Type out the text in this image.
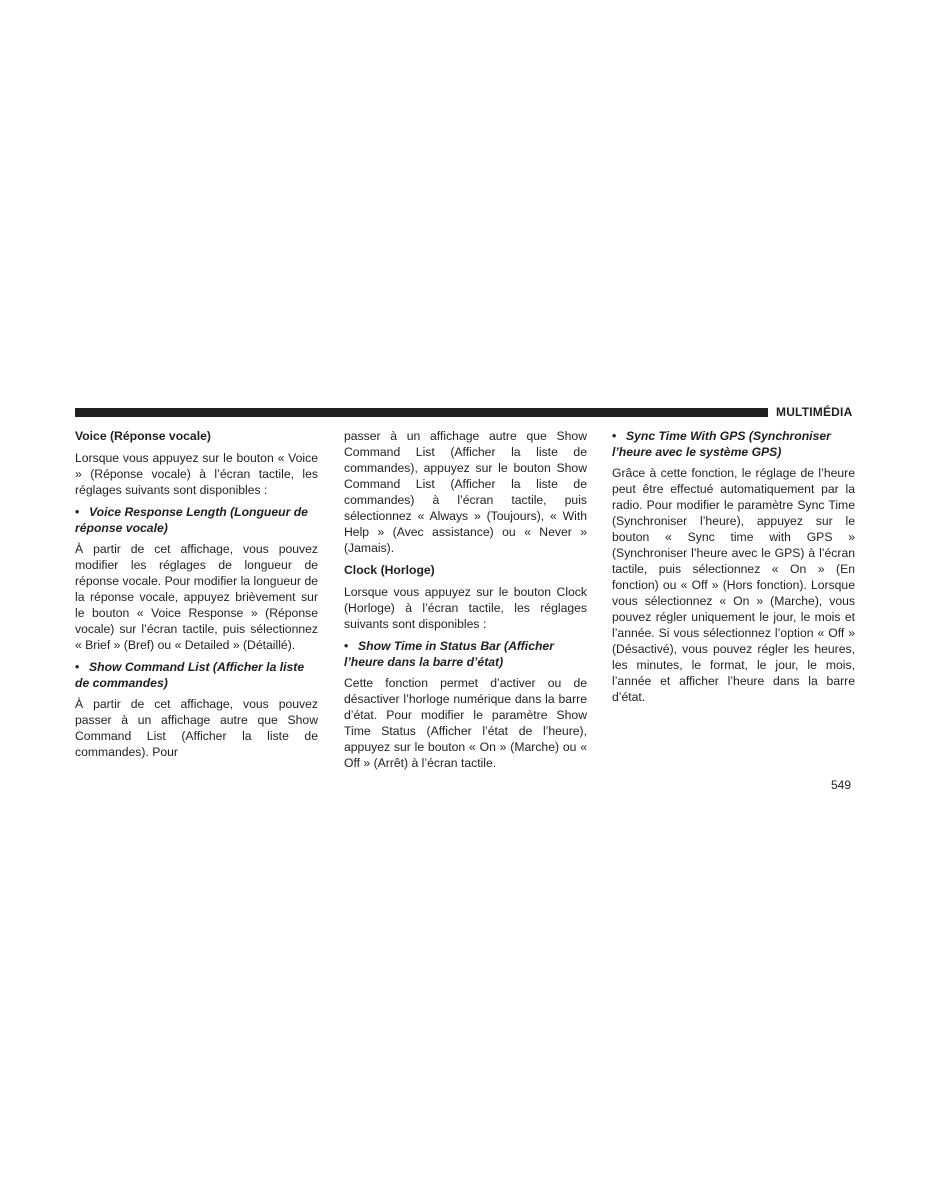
MULTIMÉDIA
Voice (Réponse vocale)

Lorsque vous appuyez sur le bouton « Voice » (Réponse vocale) à l’écran tactile, les réglages suivants sont disponibles :

• Voice Response Length (Longueur de réponse vocale)

À partir de cet affichage, vous pouvez modifier les réglages de longueur de réponse vocale. Pour modifier la longueur de la réponse vocale, appuyez brièvement sur le bouton « Voice Response » (Réponse vocale) sur l’écran tactile, puis sélectionnez « Brief » (Bref) ou « Detailed » (Détaillé).

• Show Command List (Afficher la liste de commandes)

À partir de cet affichage, vous pouvez passer à un affichage autre que Show Command List (Afficher la liste de commandes). Pour

passer à un affichage autre que Show Command List (Afficher la liste de commandes), appuyez sur le bouton Show Command List (Afficher la liste de commandes) à l’écran tactile, puis sélectionnez « Always » (Toujours), « With Help » (Avec assistance) ou « Never » (Jamais).

Clock (Horloge)

Lorsque vous appuyez sur le bouton Clock (Horloge) à l’écran tactile, les réglages suivants sont disponibles :

• Show Time in Status Bar (Afficher l’heure dans la barre d’état)

Cette fonction permet d’activer ou de désactiver l’horloge numérique dans la barre d’état. Pour modifier le paramètre Show Time Status (Afficher l’état de l’heure), appuyez sur le bouton « On » (Marche) ou « Off » (Arrêt) à l’écran tactile.

• Sync Time With GPS (Synchroniser l’heure avec le système GPS)

Grâce à cette fonction, le réglage de l’heure peut être effectué automatiquement par la radio. Pour modifier le paramètre Sync Time (Synchroniser l’heure), appuyez sur le bouton « Sync time with GPS » (Synchroniser l’heure avec le GPS) à l’écran tactile, puis sélectionnez « On » (En fonction) ou « Off » (Hors fonction). Lorsque vous sélectionnez « On » (Marche), vous pouvez régler uniquement le jour, le mois et l’année. Si vous sélectionnez l’option « Off » (Désactivé), vous pouvez régler les heures, les minutes, le format, le jour, le mois, l’année et afficher l’heure dans la barre d’état.

549
